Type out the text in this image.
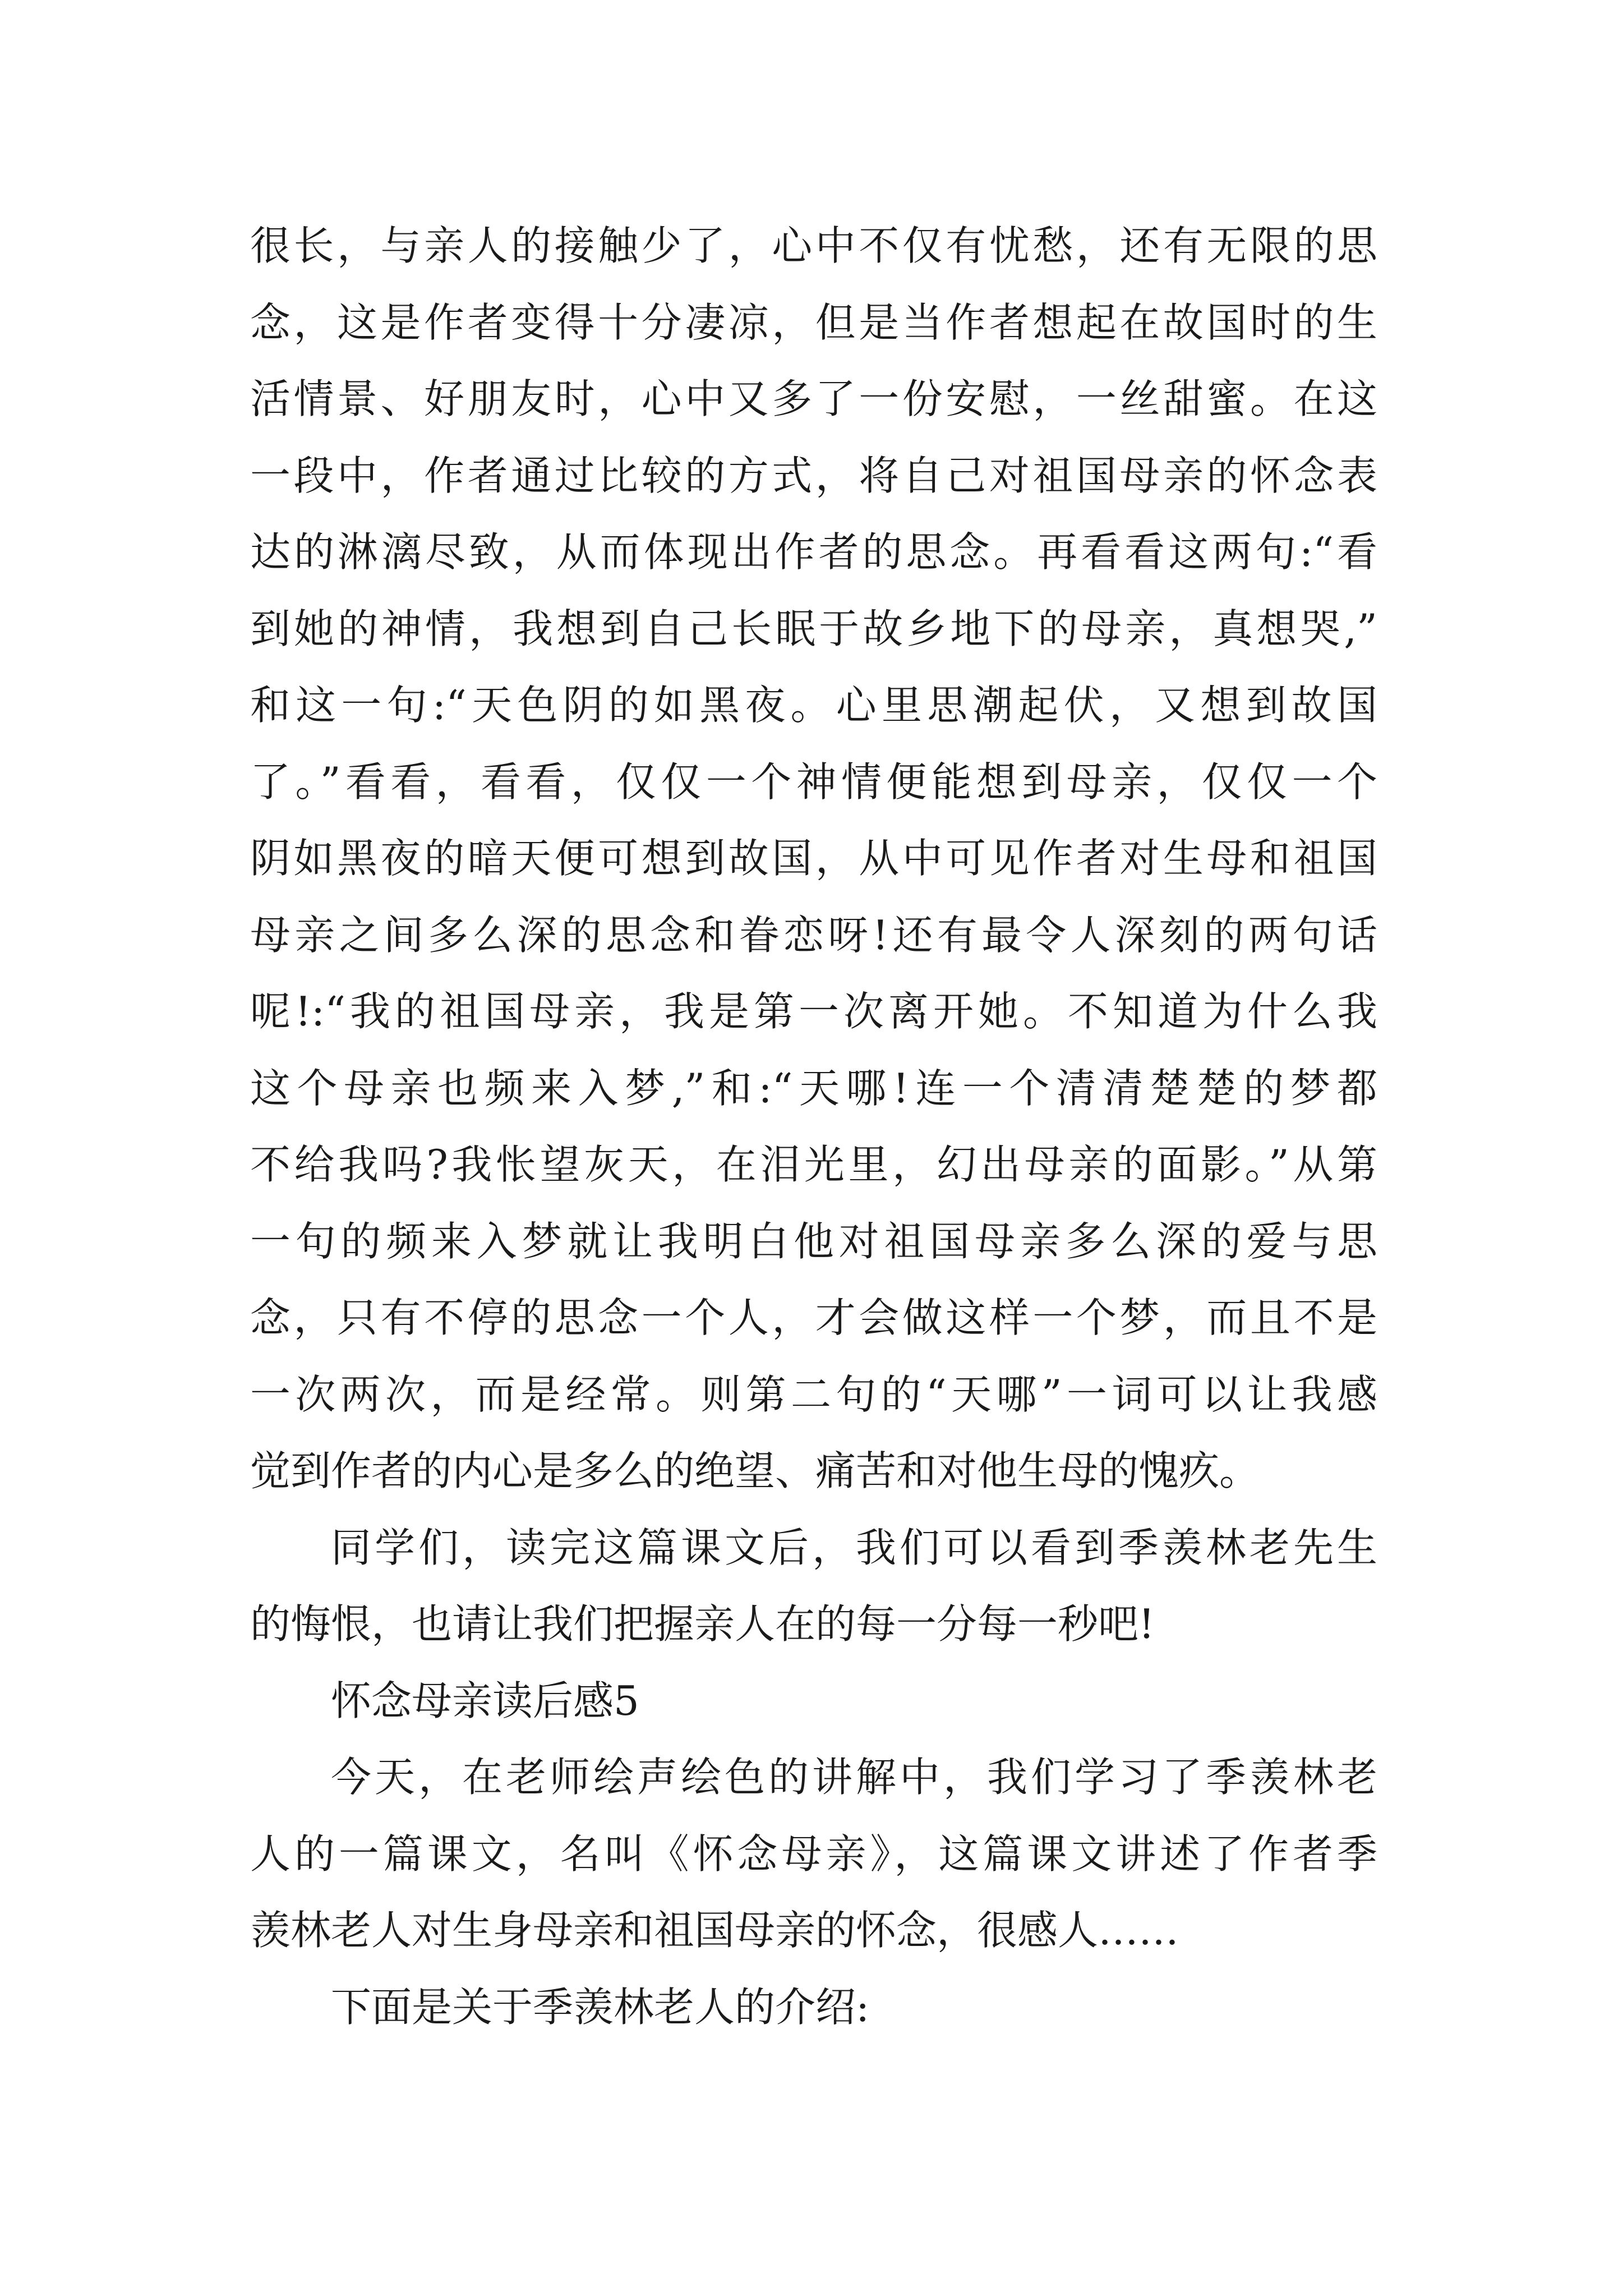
很长，与亲人的接触少了，心中不仅有忧愁，还有无限的思
念，这是作者变得十分凄凉，但是当作者想起在故国时的生
活情景、好朋友时，心中又多了一份安慰，一丝甜蜜。在这
一段中，作者通过比较的方式，将自己对祖国母亲的怀念表
达的淋漓尽致，从而体现出作者的思念。再看看这两句:“看
到她的神情，我想到自己长眠于故乡地下的母亲，真想哭,”
和这一句:“天色阴的如黑夜。心里思潮起伏，又想到故国
了。”看看，看看，仅仅一个神情便能想到母亲，仅仅一个
阴如黑夜的暗天便可想到故国，从中可见作者对生母和祖国
母亲之间多么深的思念和眷恋呀!还有最令人深刻的两句话
呢!:“我的祖国母亲，我是第一次离开她。不知道为什么我
这个母亲也频来入梦,”和:“天哪!连一个清清楚楚的梦都
不给我吗?我怅望灰天，在泪光里，幻出母亲的面影。”从第
一句的频来入梦就让我明白他对祖国母亲多么深的爱与思
念，只有不停的思念一个人，才会做这样一个梦，而且不是
一次两次，而是经常。则第二句的“天哪”一词可以让我感
觉到作者的内心是多么的绝望、痛苦和对他生母的愧疚。
同学们，读完这篇课文后，我们可以看到季羡林老先生
的悔恨，也请让我们把握亲人在的每一分每一秒吧!
怀念母亲读后感5
今天，在老师绘声绘色的讲解中，我们学习了季羡林老
人的一篇课文，名叫《怀念母亲》，这篇课文讲述了作者季
羡林老人对生身母亲和祖国母亲的怀念，很感人……
下面是关于季羡林老人的介绍:
